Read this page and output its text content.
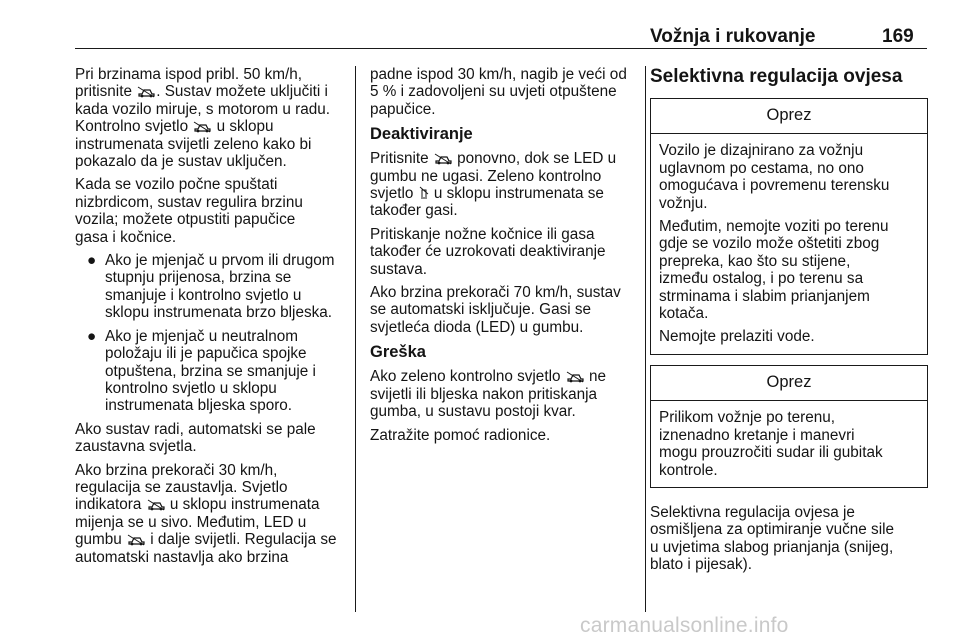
Vožnja i rukovanje	169

Pri brzinama ispod pribl. 50 km/h,
pritisnite . Sustav možete uključiti i kada vozilo miruje, s motorom u radu. Kontrolno svjetlo u sklopu instrumenata svijetli zeleno kako bi pokazalo da je sustav uključen.

Kada se vozilo počne spuštati
nizbrdicom, sustav regulira brzinu
vozila; možete otpustiti papučice
gasa i kočnice.

● Ako je mjenjač u prvom ili drugom stupnju prijenosa, brzina se smanjuje i kontrolno svjetlo u sklopu instrumenata brzo bljeska.
● Ako je mjenjač u neutralnom položaju ili je papučica spojke otpuštena, brzina se smanjuje i kontrolno svjetlo u sklopu instrumenata bljeska sporo.

Ako sustav radi, automatski se pale
zaustavna svjetla.

Ako brzina prekorači 30 km/h,
regulacija se zaustavlja. Svjetlo
indikatora u sklopu instrumenata mijenja se u sivo. Međutim, LED u gumbu i dalje svijetli. Regulacija se automatski nastavlja ako brzina

padne ispod 30 km/h, nagib je veći od
5 % i zadovoljeni su uvjeti otpuštene
papučice.

Deaktiviranje

Pritisnite ponovno, dok se LED u gumbu ne ugasi. Zeleno kontrolno svjetlo u sklopu instrumenata se također gasi.

Pritiskanje nožne kočnice ili gasa
također će uzrokovati deaktiviranje
sustava.

Ako brzina prekorači 70 km/h, sustav
se automatski isključuje. Gasi se
svjetleća dioda (LED) u gumbu.

Greška

Ako zeleno kontrolno svjetlo ne svijetli ili bljeska nakon pritiskanja gumba, u sustavu postoji kvar.

Zatražite pomoć radionice.

Selektivna regulacija ovjesa
Oprez

Vozilo je dizajnirano za vožnju
uglavnom po cestama, no ono
omogućava i povremenu terensku
vožnju.

Međutim, nemojte voziti po terenu
gdje se vozilo može oštetiti zbog
prepreka, kao što su stijene,
između ostalog, i po terenu sa
strminama i slabim prianjanjem
kotača.

Nemojte prelaziti vode.

Oprez

Prilikom vožnje po terenu,
iznenadno kretanje i manevri
mogu prouzročiti sudar ili gubitak
kontrole.

Selektivna regulacija ovjesa je
osmišljena za optimiranje vučne sile
u uvjetima slabog prianjanja (snijeg,
blato i pijesak).

carmanualsonline.info
